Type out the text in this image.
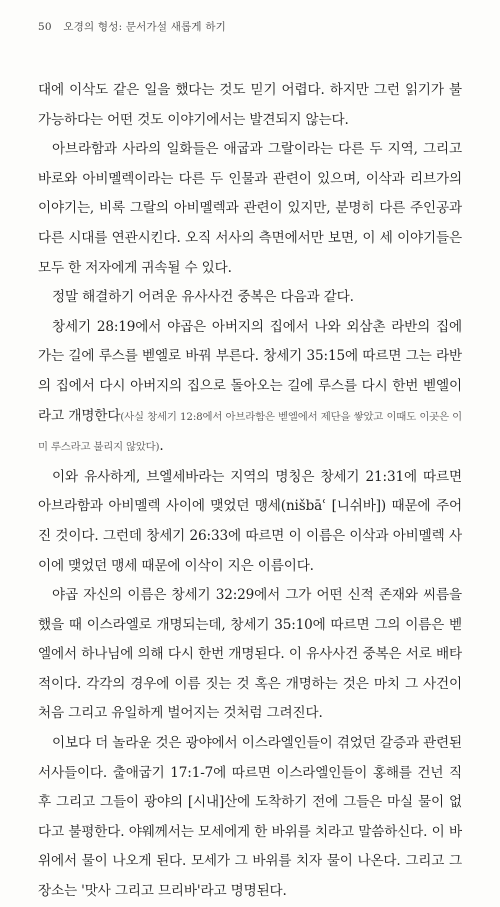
50 오경의 형성: 문서가설 새롭게 하기

대에 이삭도 같은 일을 했다는 것도 믿기 어렵다. 하지만 그런 읽기가 불가능하다는 어떤 것도 이야기에서는 발견되지 않는다.

아브라함과 사라의 일화들은 애굽과 그랄이라는 다른 두 지역, 그리고 바로와 아비멜렉이라는 다른 두 인물과 관련이 있으며, 이삭과 리브가의 이야기는, 비록 그랄의 아비멜렉과 관련이 있지만, 분명히 다른 주인공과 다른 시대를 연관시킨다. 오직 서사의 측면에서만 보면, 이 세 이야기들은 모두 한 저자에게 귀속될 수 있다.

정말 해결하기 어려운 유사사건 중복은 다음과 같다.

창세기 28:19에서 야곱은 아버지의 집에서 나와 외삼촌 라반의 집에 가는 길에 루스를 벧엘로 바꿔 부른다. 창세기 35:15에 따르면 그는 라반의 집에서 다시 아버지의 집으로 돌아오는 길에 루스를 다시 한번 벧엘이라고 개명한다(사실 창세기 12:8에서 아브라함은 벧엘에서 제단을 쌓았고 이때도 이곳은 이미 루스라고 불리지 않았다).

이와 유사하게, 브엘세바라는 지역의 명칭은 창세기 21:31에 따르면 아브라함과 아비멜렉 사이에 맺었던 맹세(nišbāʿ [니쉬바]) 때문에 주어진 것이다. 그런데 창세기 26:33에 따르면 이 이름은 이삭과 아비멜렉 사이에 맺었던 맹세 때문에 이삭이 지은 이름이다.

야곱 자신의 이름은 창세기 32:29에서 그가 어떤 신적 존재와 씨름을 했을 때 이스라엘로 개명되는데, 창세기 35:10에 따르면 그의 이름은 벧엘에서 하나님에 의해 다시 한번 개명된다. 이 유사사건 중복은 서로 배타적이다. 각각의 경우에 이름 짓는 것 혹은 개명하는 것은 마치 그 사건이 처음 그리고 유일하게 벌어지는 것처럼 그려진다.

이보다 더 놀라운 것은 광야에서 이스라엘인들이 겪었던 갈증과 관련된 서사들이다. 출애굽기 17:1-7에 따르면 이스라엘인들이 홍해를 건넌 직후 그리고 그들이 광야의 [시내]산에 도착하기 전에 그들은 마실 물이 없다고 불평한다. 야웨께서는 모세에게 한 바위를 치라고 말씀하신다. 이 바위에서 물이 나오게 된다. 모세가 그 바위를 치자 물이 나온다. 그리고 그 장소는 '맛사 그리고 므리바'라고 명명된다.
